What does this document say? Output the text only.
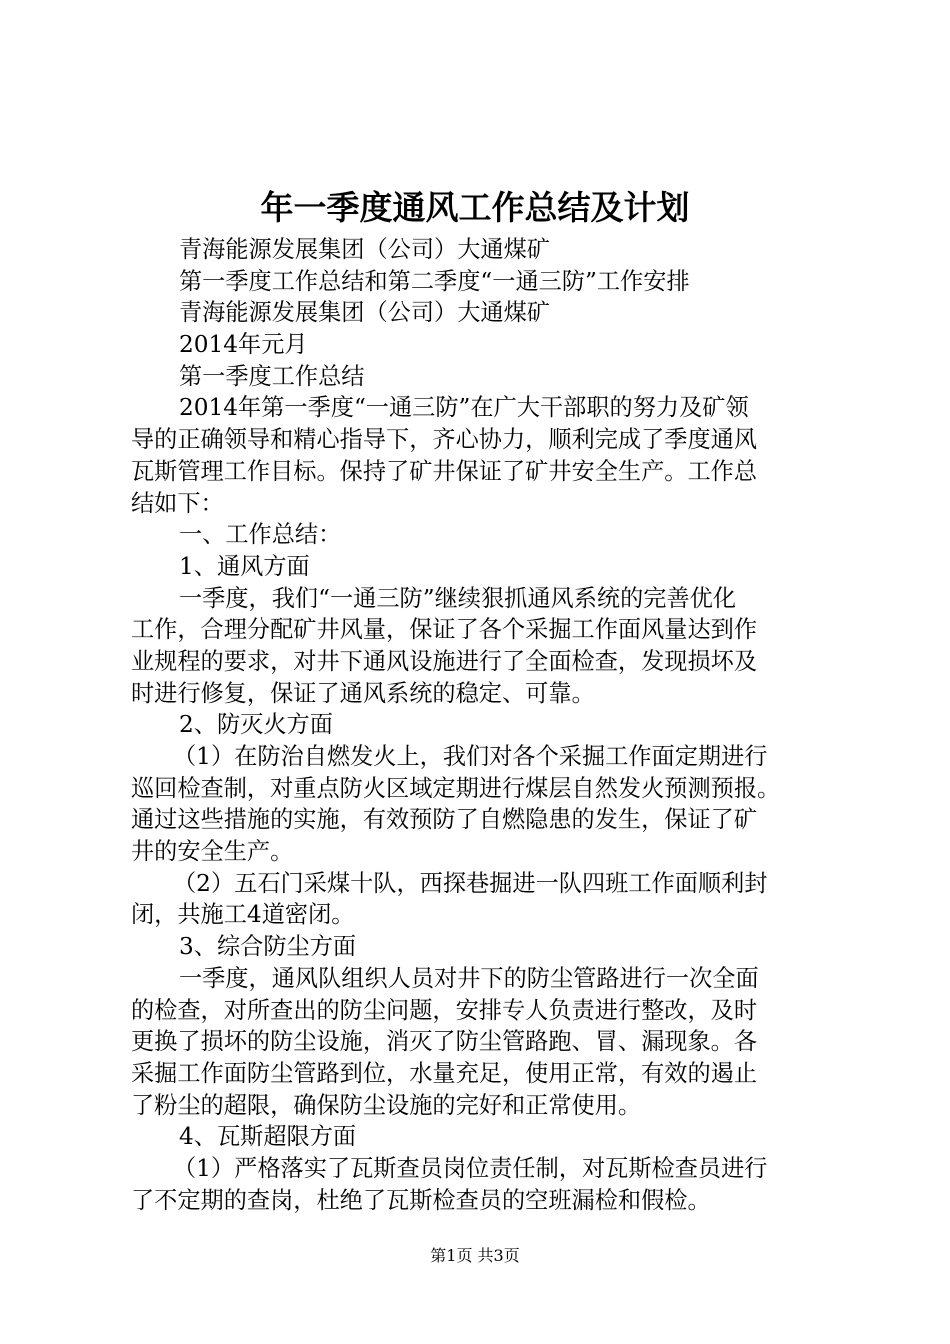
年一季度通风工作总结及计划
青海能源发展集团（公司）大通煤矿
第一季度工作总结和第二季度“一通三防”工作安排
青海能源发展集团（公司）大通煤矿
2014年元月
第一季度工作总结
2014年第一季度“一通三防”在广大干部职的努力及矿领
导的正确领导和精心指导下，齐心协力，顺利完成了季度通风
瓦斯管理工作目标。保持了矿井保证了矿井安全生产。工作总
结如下：
一、工作总结：
1、通风方面
一季度，我们“一通三防”继续狠抓通风系统的完善优化
工作，合理分配矿井风量，保证了各个采掘工作面风量达到作
业规程的要求，对井下通风设施进行了全面检查，发现损坏及
时进行修复，保证了通风系统的稳定、可靠。
2、防灭火方面
（1）在防治自燃发火上，我们对各个采掘工作面定期进行
巡回检查制，对重点防火区域定期进行煤层自然发火预测预报。
通过这些措施的实施，有效预防了自燃隐患的发生，保证了矿
井的安全生产。
（2）五石门采煤十队，西探巷掘进一队四班工作面顺利封
闭，共施工4道密闭。
3、综合防尘方面
一季度，通风队组织人员对井下的防尘管路进行一次全面
的检查，对所查出的防尘问题，安排专人负责进行整改，及时
更换了损坏的防尘设施，消灭了防尘管路跑、冒、漏现象。各
采掘工作面防尘管路到位，水量充足，使用正常，有效的遏止
了粉尘的超限，确保防尘设施的完好和正常使用。
4、瓦斯超限方面
（1）严格落实了瓦斯查员岗位责任制，对瓦斯检查员进行
了不定期的查岗，杜绝了瓦斯检查员的空班漏检和假检。
第1页 共3页
